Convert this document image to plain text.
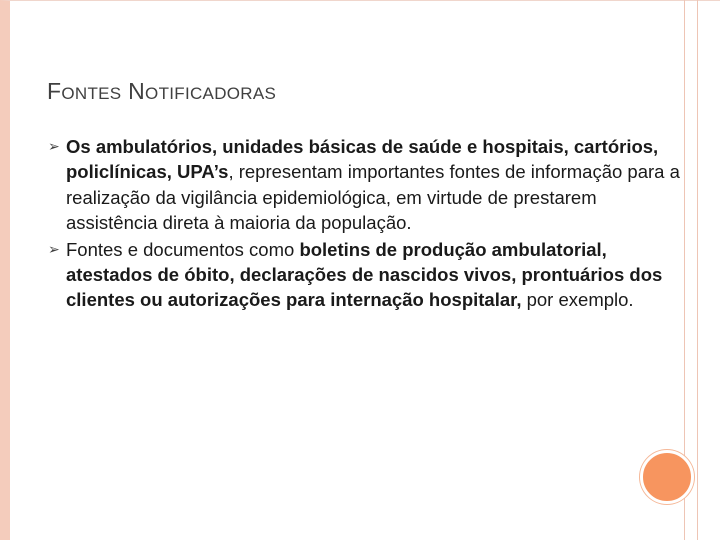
FONTES NOTIFICADORAS
➢ Os ambulatórios, unidades básicas de saúde e hospitais, cartórios, policlínicas, UPA’s, representam importantes fontes de informação para a realização da vigilância epidemiológica, em virtude de prestarem assistência direta à maioria da população.
➢ Fontes e documentos como boletins de produção ambulatorial, atestados de óbito, declarações de nascidos vivos, prontuários dos clientes ou autorizações para internação hospitalar, por exemplo.
